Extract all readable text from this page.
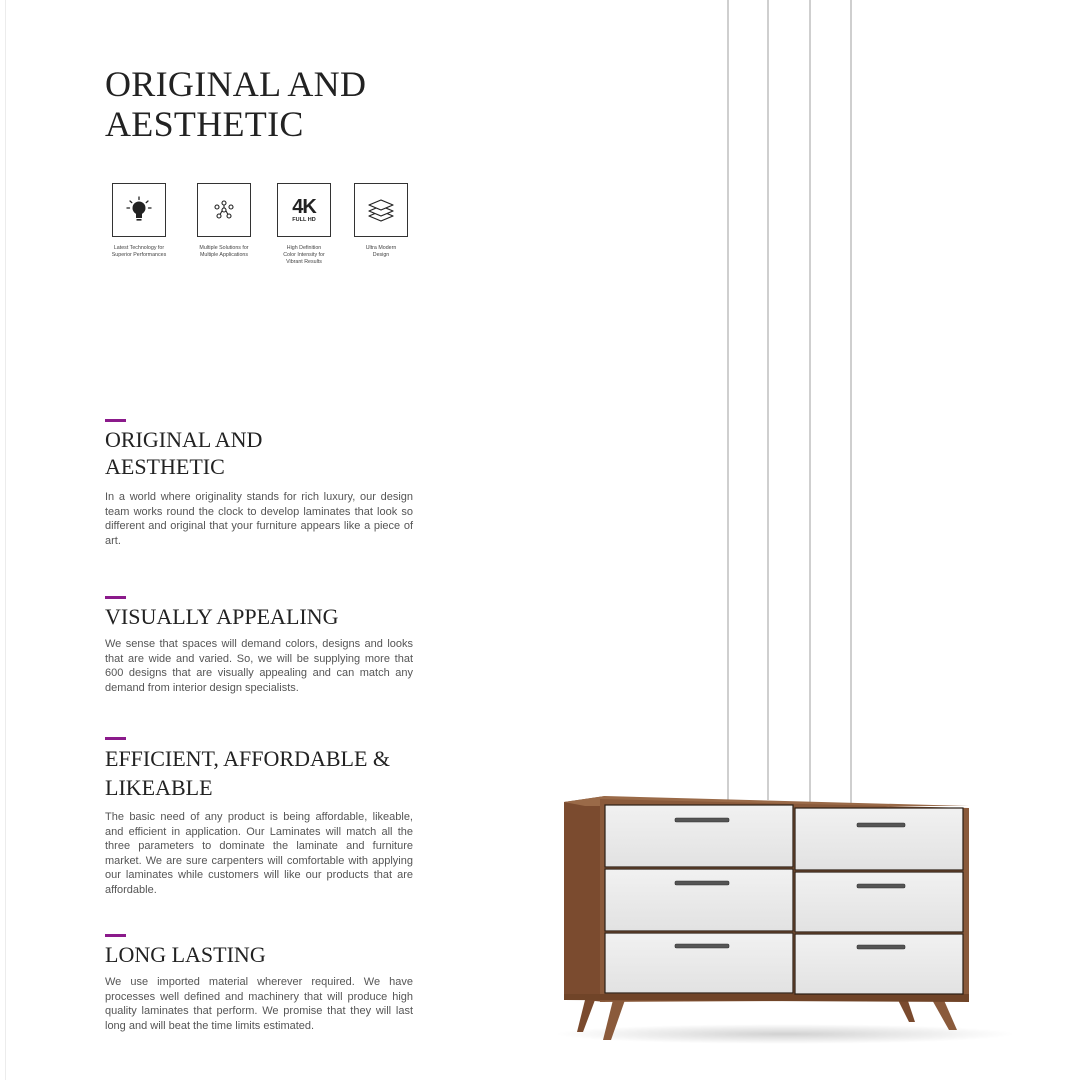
ORIGINAL AND AESTHETIC
Latest Technology for
Superior Performances
Multiple Solutions for
Multiple Applications
4K
FULL HD
High Definition
Color Intensity for
Vibrant Results
Ultra Modern
Design
ORIGINAL AND AESTHETIC

In a world where originality stands for rich luxury, our design team works round the clock to develop laminates that look so different and original that your furniture appears like a piece of art.

VISUALLY APPEALING

We sense that spaces will demand colors, designs and looks that are wide and varied. So, we will be supplying more that 600 designs that are visually appealing and can match any demand from interior design specialists.

EFFICIENT, AFFORDABLE & LIKEABLE

The basic need of any product is being affordable, likeable, and efficient in application. Our Laminates will match all the three parameters to dominate the laminate and furniture market. We are sure carpenters will comfortable with applying our laminates while customers will like our products that are affordable.

LONG LASTING

We use imported material wherever required. We have processes well defined and machinery that will produce high quality laminates that perform. We promise that they will last long and will beat the time limits estimated.
